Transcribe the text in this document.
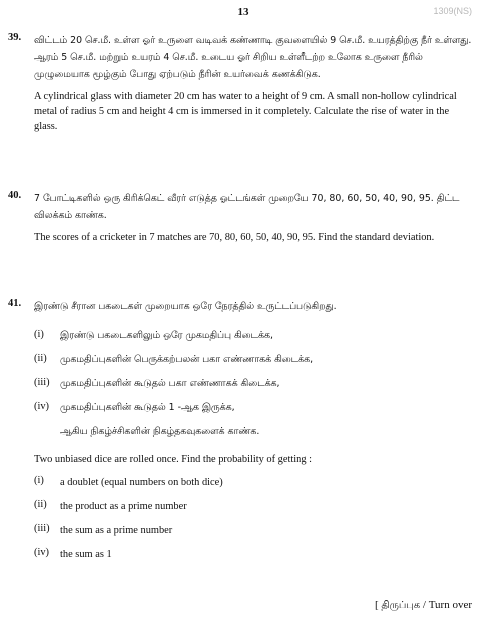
13	1309(NS)
39.	விட்டம் 20 செ.மீ. உள்ள ஓர் உருளை வடிவக் கண்ணாடி குவளையில் 9 செ.மீ. உயரத்திற்கு நீர் உள்ளது. ஆரம் 5 செ.மீ. மற்றும் உயரம் 4 செ.மீ. உடைய ஓர் சிறிய உள்ளீடற்ற உலோக உருளை நீரில் முழுமையாக மூழ்கும் போது ஏற்படும் நீரின் உயர்வைக் கணக்கிடுக.

A cylindrical glass with diameter 20 cm has water to a height of 9 cm. A small non-hollow cylindrical metal of radius 5 cm and height 4 cm is immersed in it completely. Calculate the rise of water in the glass.

40.	7 போட்டிகளில் ஒரு கிரிக்கெட் வீரர் எடுத்த ஓட்டங்கள் முறையே 70, 80, 60, 50, 40, 90, 95. திட்ட விலக்கம் காண்க.

The scores of a cricketer in 7 matches are 70, 80, 60, 50, 40, 90, 95. Find the standard deviation.

41.	இரண்டு சீரான பகடைகள் முறையாக ஒரே நேரத்தில் உருட்டப்படுகிறது.

(i) இரண்டு பகடைகளிலும் ஒரே முகமதிப்பு கிடைக்க,
(ii) முகமதிப்புகளின் பெருக்கற்பலன் பகா எண்ணாகக் கிடைக்க,
(iii) முகமதிப்புகளின் கூடுதல் பகா எண்ணாகக் கிடைக்க,
(iv) முகமதிப்புகளின் கூடுதல் 1 -ஆக இருக்க,

ஆகிய நிகழ்ச்சிகளின் நிகழ்தகவுகளைக் காண்க.

Two unbiased dice are rolled once. Find the probability of getting :

(i) a doublet (equal numbers on both dice)
(ii) the product as a prime number
(iii) the sum as a prime number
(iv) the sum as 1
[ திருப்புக / Turn over
